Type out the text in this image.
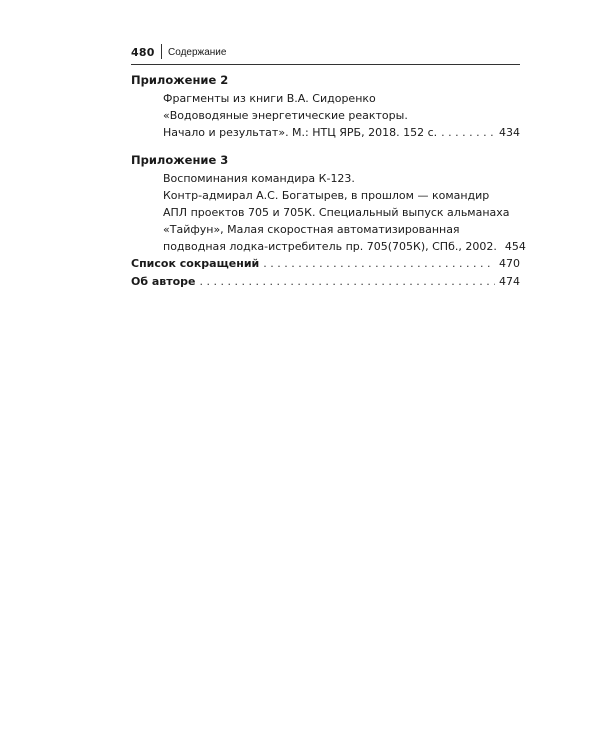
480 Содержание
Приложение 2
Фрагменты из книги В.А. Сидоренко
«Водоводяные энергетические реакторы.
Начало и результат». М.: НТЦ ЯРБ, 2018. 152 с. . . .	434
Приложение 3
Воспоминания командира К-123.
Контр-адмирал А.С. Богатырев, в прошлом — командир
АПЛ проектов 705 и 705К. Специальный выпуск альманаха
«Тайфун», Малая скоростная автоматизированная
подводная лодка-истребитель пр. 705(705К), СПб., 2002. 454
Список сокращений . . .	470
Об авторе . . .	474
